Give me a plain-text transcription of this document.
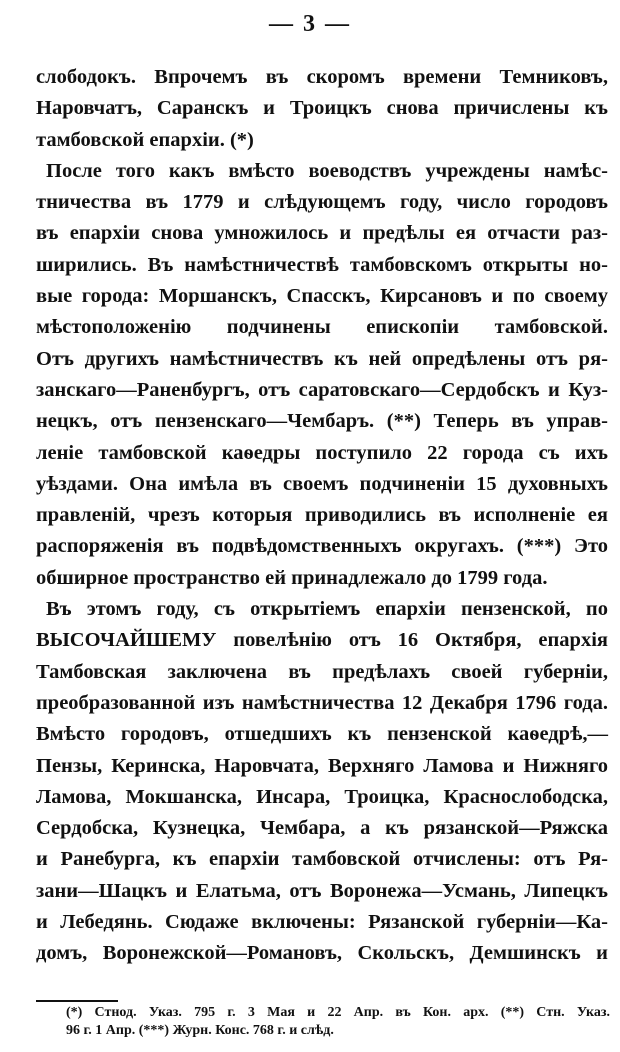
— 3 —
слободокъ. Впрочемъ въ скоромъ времени Темниковъ,
Наровчатъ, Саранскъ и Троицкъ снова причислены къ
тамбовской епархіи. (*)
После того какъ вмѣсто воеводствъ учреждены намѣс-
тничества въ 1779 и слѣдующемъ году, число городовъ
въ епархіи снова умножилось и предѣлы ея отчасти раз-
ширились. Въ намѣстничествѣ тамбовскомъ открыты но-
вые города: Моршанскъ, Спасскъ, Кирсановъ и по своему
мѣстоположенію подчинены епископіи тамбовской.
Отъ другихъ намѣстничествъ къ ней опредѣлены отъ ря-
занскаго—Раненбургъ, отъ саратовскаго—Сердобскъ и Куз-
нецкъ, отъ пензенскаго—Чембаръ. (**) Теперь въ управ-
леніе тамбовской каѳедры поступило 22 города съ ихъ
уѣздами. Она имѣла въ своемъ подчиненіи 15 духовныхъ
правленій, чрезъ которыя приводились въ исполненіе ея
распоряженія въ подвѣдомственныхъ округахъ. (***) Это
обширное пространство ей принадлежало до 1799 года.
Въ этомъ году, съ открытіемъ епархіи пензенской, по
ВЫСОЧАЙШЕМУ повелѣнію отъ 16 Октября, епархія
Тамбовская заключена въ предѣлахъ своей губерніи,
преобразованной изъ намѣстничества 12 Декабря 1796 года.
Вмѣсто городовъ, отшедшихъ къ пензенской каѳедрѣ,—
Пензы, Керинска, Наровчата, Верхняго Ламова и Нижняго
Ламова, Мокшанска, Инсара, Троицка, Краснослободска,
Сердобска, Кузнецка, Чембара, а къ рязанской—Ряжска
и Ранебурга, къ епархіи тамбовской отчислены: отъ Ря-
зани—Шацкъ и Елатьма, отъ Воронежа—Усмань, Липецкъ
и Лебедянь. Сюдаже включены: Рязанской губерніи—Ка-
домъ, Воронежской—Романовъ, Скольскъ, Демшинскъ и
(*) Стнод. Указ. 795 г. 3 Мая и 22 Апр. въ Кон. арх. (**) Стн. Указ.
96 г. 1 Апр. (***) Журн. Конс. 768 г. и слѣд.
